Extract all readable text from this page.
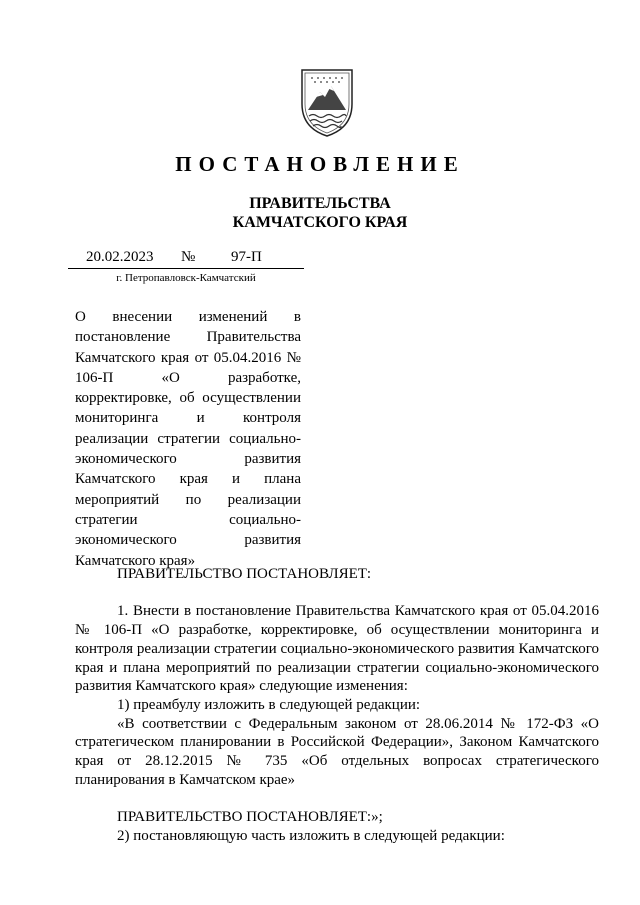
ПОСТАНОВЛЕНИЕ
ПРАВИТЕЛЬСТВА
КАМЧАТСКОГО КРАЯ
20.02.2023 № 97-П
г. Петропавловск-Камчатский
О внесении изменений в постановление Правительства Камчатского края от 05.04.2016 № 106-П «О разработке, корректировке, об осуществлении мониторинга и контроля реализации стратегии социально-экономического развития Камчатского края и плана мероприятий по реализации стратегии социально-экономического развития Камчатского края»

ПРАВИТЕЛЬСТВО ПОСТАНОВЛЯЕТ:

1. Внести в постановление Правительства Камчатского края от 05.04.2016 № 106-П «О разработке, корректировке, об осуществлении мониторинга и контроля реализации стратегии социально-экономического развития Камчатского края и плана мероприятий по реализации стратегии социально-экономического развития Камчатского края» следующие изменения:

1) преамбулу изложить в следующей редакции:

«В соответствии с Федеральным законом от 28.06.2014 № 172-ФЗ «О стратегическом планировании в Российской Федерации», Законом Камчатского края от 28.12.2015 № 735 «Об отдельных вопросах стратегического планирования в Камчатском крае»

ПРАВИТЕЛЬСТВО ПОСТАНОВЛЯЕТ:»;

2) постановляющую часть изложить в следующей редакции:
